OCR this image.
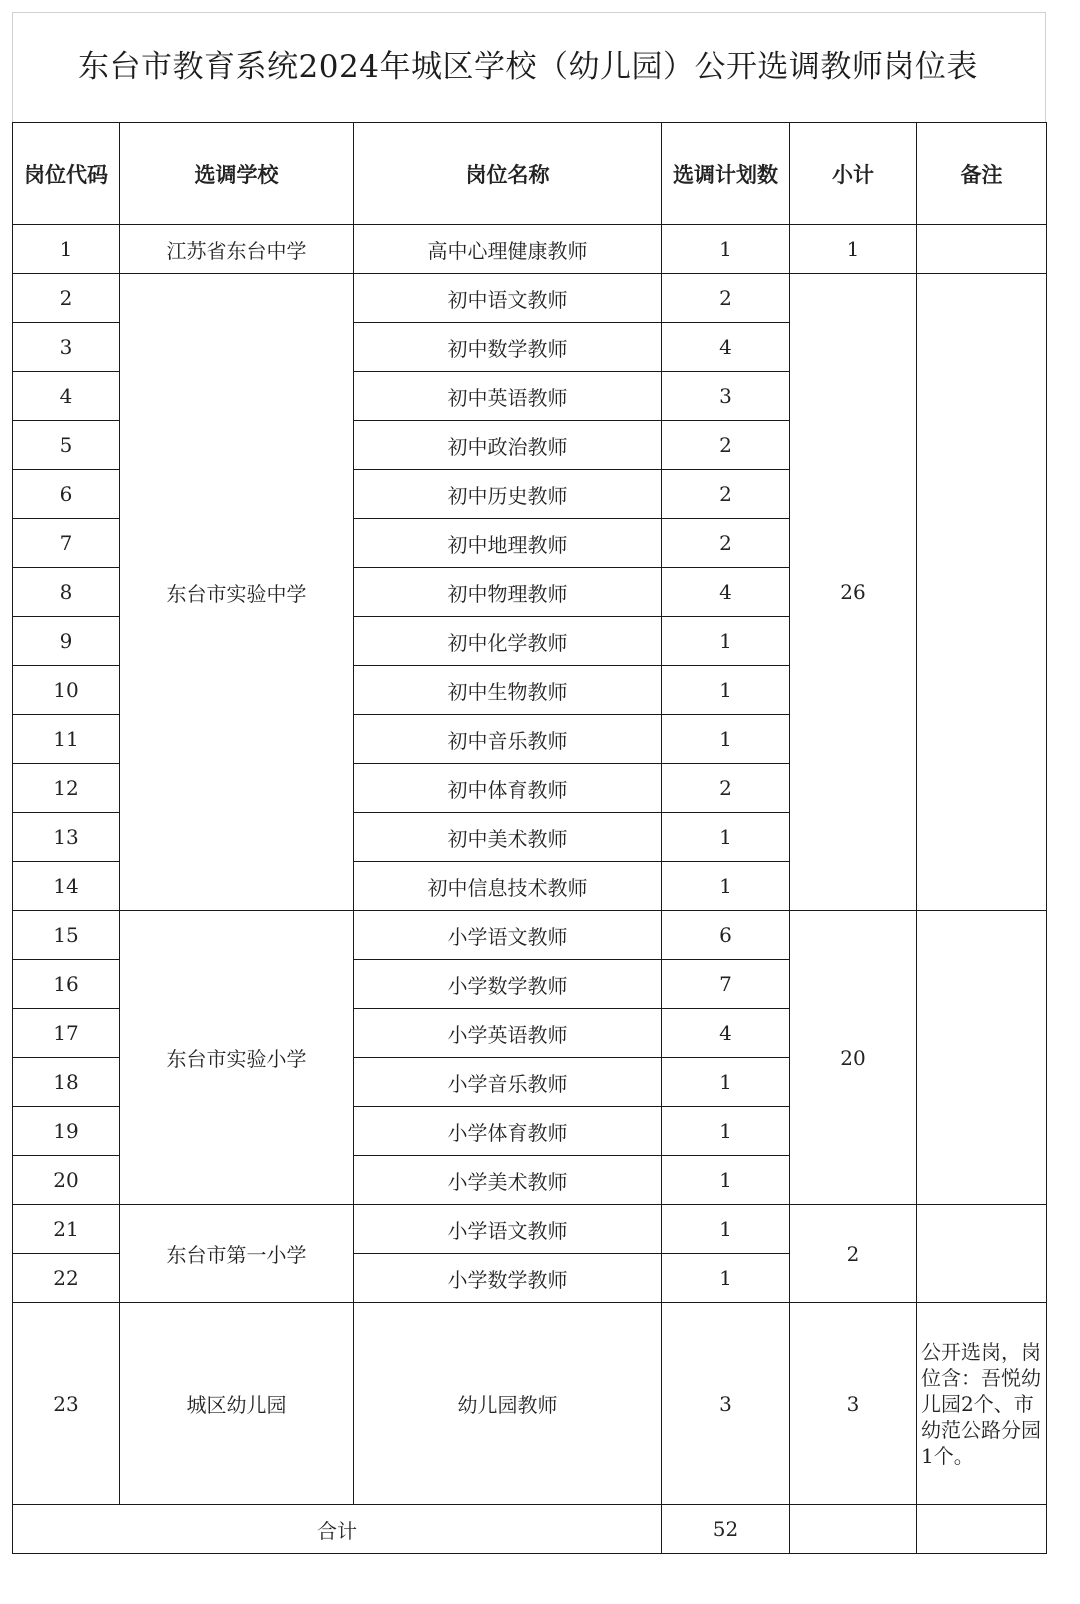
东台市教育系统2024年城区学校（幼儿园）公开选调教师岗位表
岗位代码	选调学校	岗位名称	选调计划数	小计	备注
1	江苏省东台中学	高中心理健康教师	1	1	
2	东台市实验中学	初中语文教师	2	26	
3		初中数学教师	4		
4		初中英语教师	3		
5		初中政治教师	2		
6		初中历史教师	2		
7		初中地理教师	2		
8		初中物理教师	4		
9		初中化学教师	1		
10		初中生物教师	1		
11		初中音乐教师	1		
12		初中体育教师	2		
13		初中美术教师	1		
14		初中信息技术教师	1		
15	东台市实验小学	小学语文教师	6	20	
16		小学数学教师	7		
17		小学英语教师	4		
18		小学音乐教师	1		
19		小学体育教师	1		
20		小学美术教师	1		
21	东台市第一小学	小学语文教师	1	2	
22		小学数学教师	1		
23	城区幼儿园	幼儿园教师	3	3	公开选岗，岗位含：吾悦幼儿园2个、市幼范公路分园1个。
合计			52		
